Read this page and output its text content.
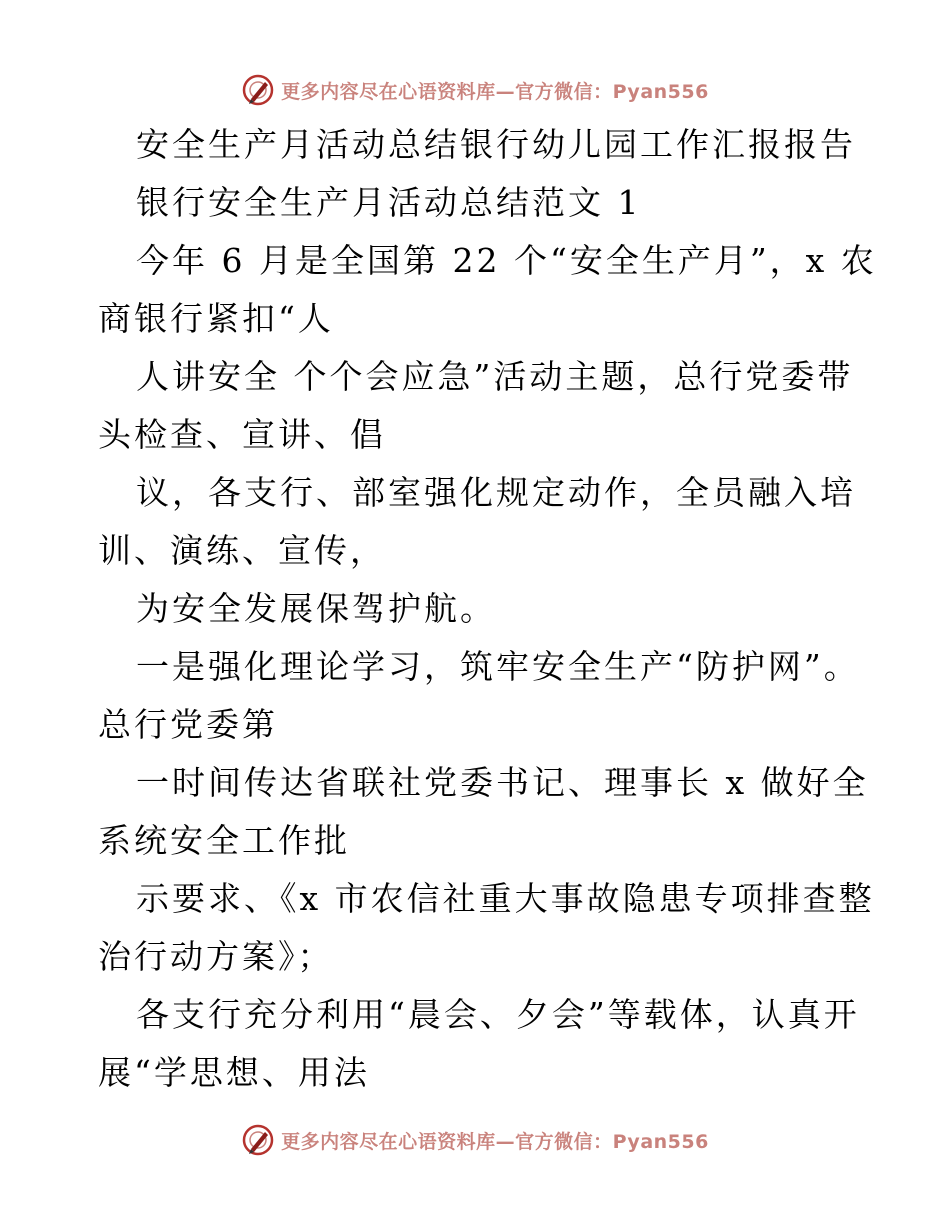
更多内容尽在心语资料库—官方微信：Pyan556

安全生产月活动总结银行幼儿园工作汇报报告

银行安全生产月活动总结范文 1

今年 6 月是全国第 22 个“安全生产月”，x 农
商银行紧扣“人

人讲安全 个个会应急”活动主题，总行党委带
头检查、宣讲、倡

议，各支行、部室强化规定动作，全员融入培
训、演练、宣传，

为安全发展保驾护航。

一是强化理论学习，筑牢安全生产“防护网”。
总行党委第

一时间传达省联社党委书记、理事长 x 做好全
系统安全工作批

示要求、《x 市农信社重大事故隐患专项排查整
治行动方案》；

各支行充分利用“晨会、夕会”等载体，认真开
展“学思想、用法

更多内容尽在心语资料库—官方微信：Pyan556
